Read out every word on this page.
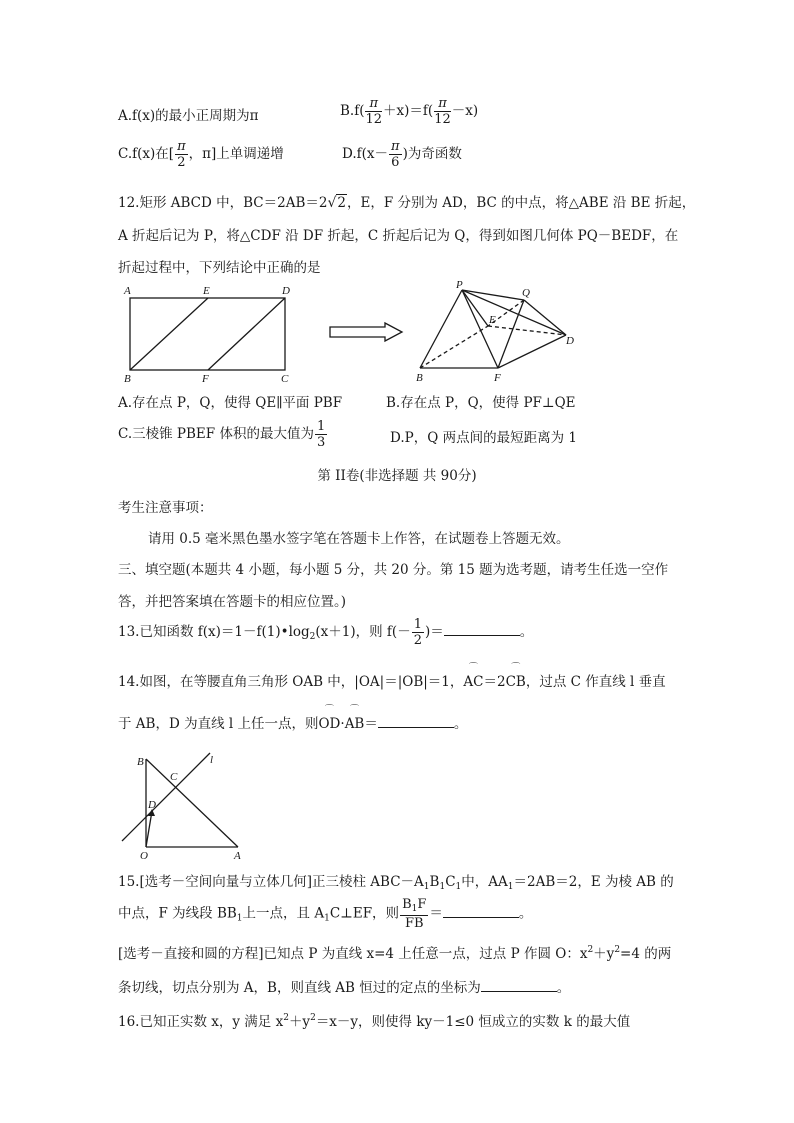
A.f(x)的最小正周期为π	$B.f( \frac{\pi}{12} +x)=f( \frac{\pi}{12} -x)$
C.f(x)在[ $\frac{\pi}{2}$ ，π]上单调递增	$D.f(x- \frac{\pi}{6}$ )为奇函数
12.矩形 ABCD 中，BC＝2AB＝2√2，E，F 分别为 AD，BC 的中点，将△ABE 沿 BE 折起，
A 折起后记为 P，将△CDF 沿 DF 折起，C 折起后记为 Q，得到如图几何体 PQ－BEDF，在
折起过程中，下列结论中正确的是
A	E	D
B	F	C
P
Q
E
D
B	F
A.存在点 P，Q，使得 QE∥平面 PBF	B.存在点 P，Q，使得 PF⊥QE
C.三棱锥 PBEF 体积的最大值为 $\frac{1}{3}$	D.P，Q 两点间的最短距离为 1
第 II卷(非选择题 共 90分)
考生注意事项：
请用 0.5 毫米黑色墨水签字笔在答题卡上作答，在试题卷上答题无效。
三、填空题(本题共 4 小题，每小题 5 分，共 20 分。第 15 题为选考题，请考生任选一空作
答，并把答案填在答题卡的相应位置。)
13.已知函数 $f(x)=1-f(1)•\log_2(x+1)$，则 $f(- \frac{1}{2}$ )＝	。
14.如图，在等腰直角三角形 OAB 中，|OA|＝|OB|＝1，⌒ AC＝2⌒ CB，过点 C 作直线 l 垂直
于 AB，D 为直线 l 上任一点，则⌒ OD·⌒ AB＝	。
B
C
l
D
O	A
15.[选考－空间向量与立体几何]正三棱柱 $ABC-A_1B_1C_1$中，$AA_1=2AB=2$，E 为棱 AB 的
中点，F 为线段 $BB_1$上一点，且 $A_1C\perp EF$，则 $\frac{B_1F}{FB}$ ＝	。
[选考－直接和圆的方程]已知点 P 为直线 x=4 上任意一点，过点 P 作圆 O：$x^2+y^2=4$ 的两
条切线，切点分别为 A，B，则直线 AB 恒过的定点的坐标为	。
16.已知正实数 x，y 满足 $x^2+y^2=x-y$，则使得 ky－1≤0 恒成立的实数 k 的最大值
